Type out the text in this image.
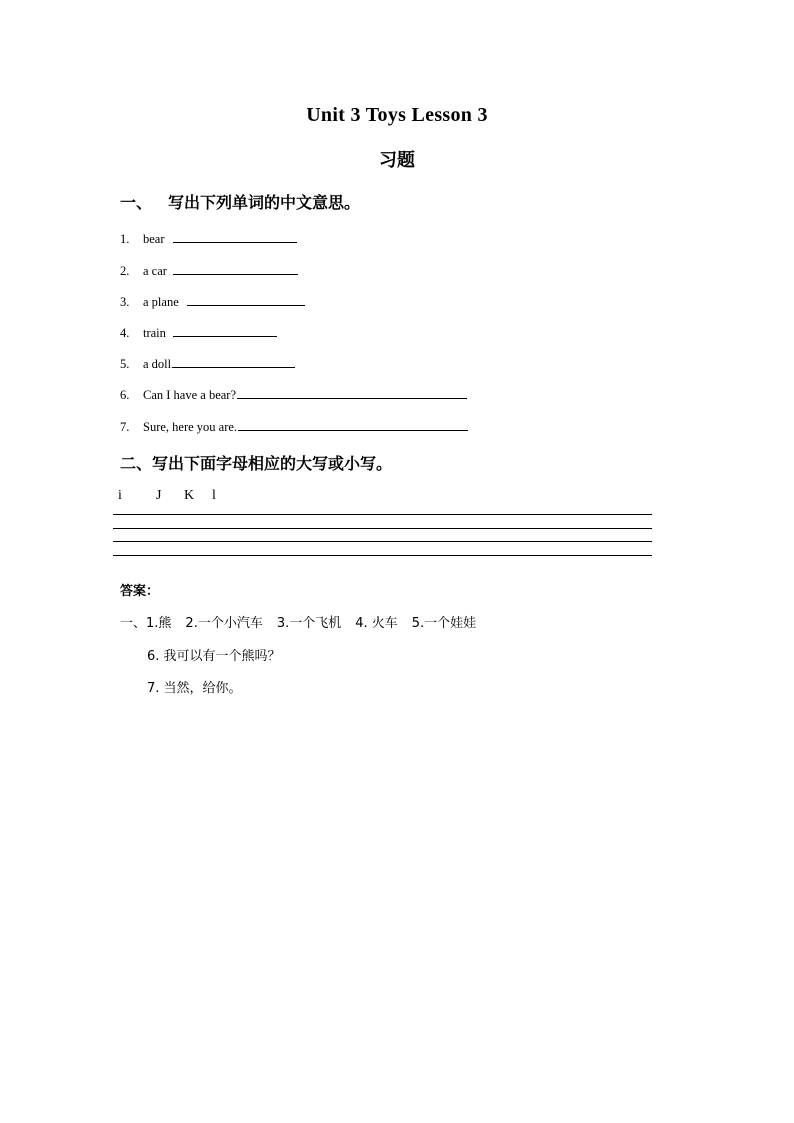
Unit 3 Toys Lesson 3
习题
一、 写出下列单词的中文意思。
1.	bear
2.	a car
3.	a plane
4.	train
5.	a doll
6.	Can I have a bear?
7.	Sure, here you are.
二、写出下面字母相应的大写或小写。
i	J	K	l
答案：
一、1.熊 2.一个小汽车 3.一个飞机 4. 火车 5.一个娃娃
6. 我可以有一个熊吗？
7. 当然，给你。
